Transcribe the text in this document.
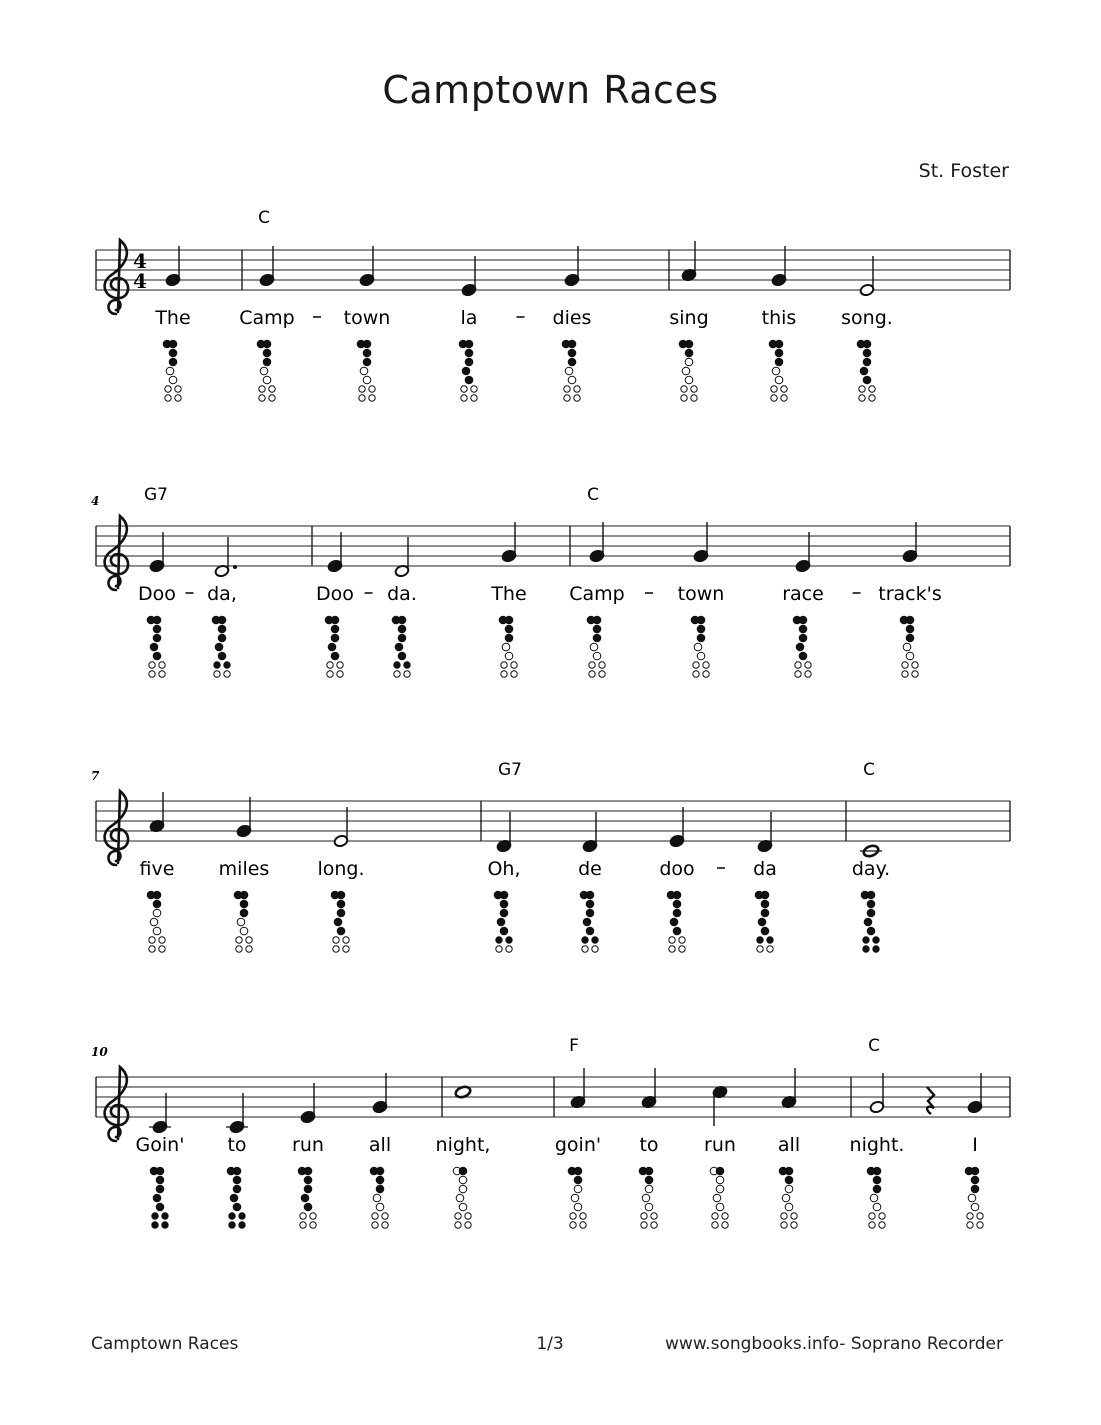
Camptown Races
St. Foster
4
4
C
The	Camp	town	la	dies	sing	this song.
4	G7	C
Doo da,	Doo da.	The Camp	town	race	track's
7	G7	C
five miles	long.	Oh,	de	doo	da	day.
10	F	C
Goin' to run all night,	goin' to run all	night.	I
Camptown Races	1/3	www.songbooks.info- Soprano Recorder
